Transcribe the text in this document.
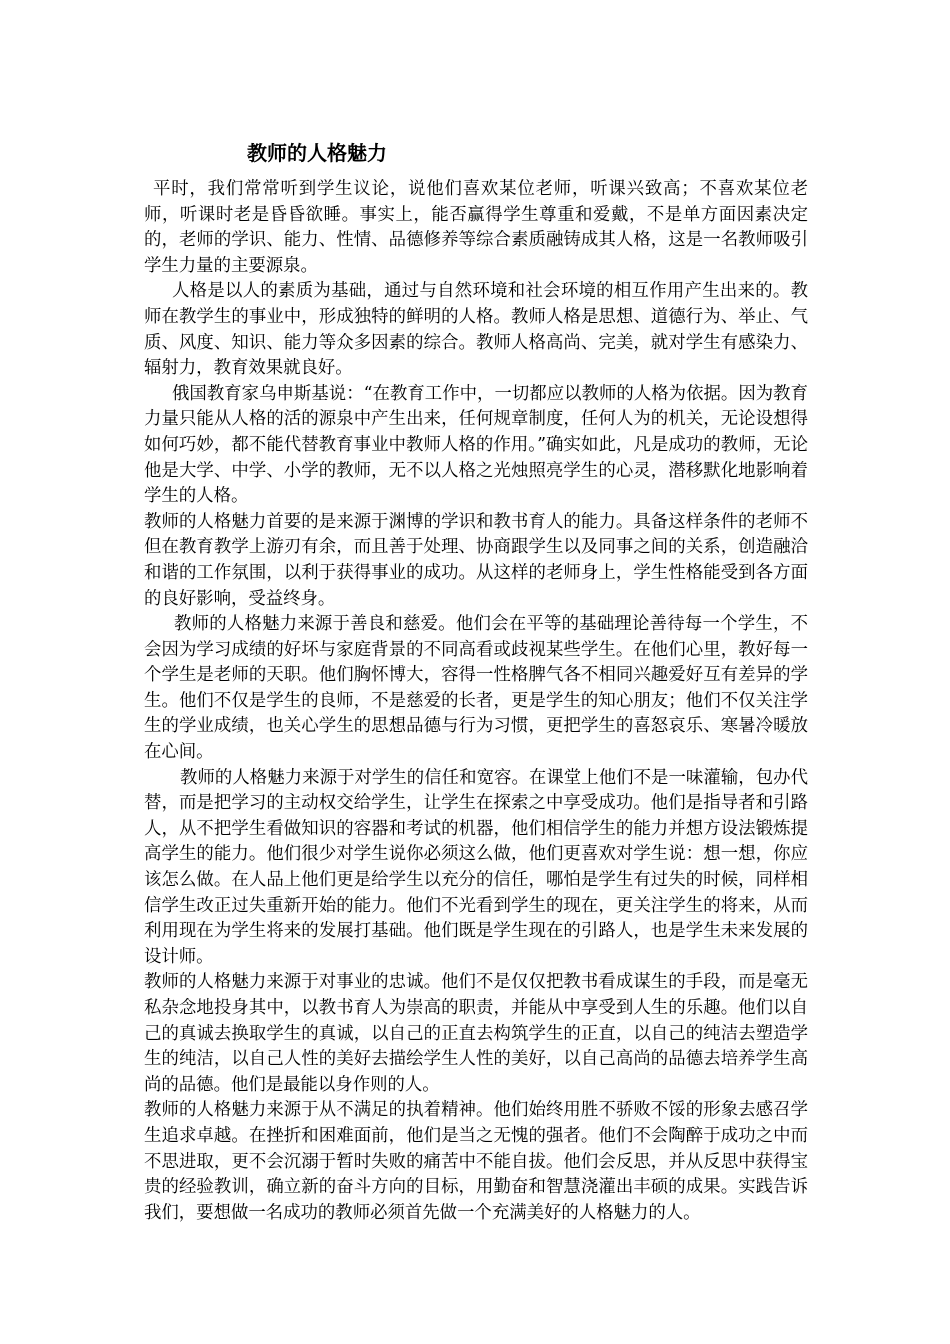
教师的人格魅力

平时，我们常常听到学生议论，说他们喜欢某位老师，听课兴致高；不喜欢某位老师，听课时老是昏昏欲睡。事实上，能否赢得学生尊重和爱戴，不是单方面因素决定的，老师的学识、能力、性情、品德修养等综合素质融铸成其人格，这是一名教师吸引学生力量的主要源泉。

人格是以人的素质为基础，通过与自然环境和社会环境的相互作用产生出来的。教师在教学生的事业中，形成独特的鲜明的人格。教师人格是思想、道德行为、举止、气质、风度、知识、能力等众多因素的综合。教师人格高尚、完美，就对学生有感染力、辐射力，教育效果就良好。

俄国教育家乌申斯基说：“在教育工作中，一切都应以教师的人格为依据。因为教育力量只能从人格的活的源泉中产生出来，任何规章制度，任何人为的机关，无论设想得如何巧妙，都不能代替教育事业中教师人格的作用。”确实如此，凡是成功的教师，无论他是大学、中学、小学的教师，无不以人格之光烛照亮学生的心灵，潜移默化地影响着学生的人格。

教师的人格魅力首要的是来源于渊博的学识和教书育人的能力。具备这样条件的老师不但在教育教学上游刃有余，而且善于处理、协商跟学生以及同事之间的关系，创造融洽和谐的工作氛围，以利于获得事业的成功。从这样的老师身上，学生性格能受到各方面的良好影响，受益终身。

教师的人格魅力来源于善良和慈爱。他们会在平等的基础理论善待每一个学生，不会因为学习成绩的好坏与家庭背景的不同高看或歧视某些学生。在他们心里，教好每一个学生是老师的天职。他们胸怀博大，容得一性格脾气各不相同兴趣爱好互有差异的学生。他们不仅是学生的良师，不是慈爱的长者，更是学生的知心朋友；他们不仅关注学生的学业成绩，也关心学生的思想品德与行为习惯，更把学生的喜怒哀乐、寒暑冷暖放在心间。

教师的人格魅力来源于对学生的信任和宽容。在课堂上他们不是一味灌输，包办代替，而是把学习的主动权交给学生，让学生在探索之中享受成功。他们是指导者和引路人，从不把学生看做知识的容器和考试的机器，他们相信学生的能力并想方设法锻炼提高学生的能力。他们很少对学生说你必须这么做，他们更喜欢对学生说：想一想，你应该怎么做。在人品上他们更是给学生以充分的信任，哪怕是学生有过失的时候，同样相信学生改正过失重新开始的能力。他们不光看到学生的现在，更关注学生的将来，从而利用现在为学生将来的发展打基础。他们既是学生现在的引路人，也是学生未来发展的设计师。

教师的人格魅力来源于对事业的忠诚。他们不是仅仅把教书看成谋生的手段，而是毫无私杂念地投身其中，以教书育人为崇高的职责，并能从中享受到人生的乐趣。他们以自己的真诚去换取学生的真诚，以自己的正直去构筑学生的正直，以自己的纯洁去塑造学生的纯洁，以自己人性的美好去描绘学生人性的美好，以自己高尚的品德去培养学生高尚的品德。他们是最能以身作则的人。

教师的人格魅力来源于从不满足的执着精神。他们始终用胜不骄败不馁的形象去感召学生追求卓越。在挫折和困难面前，他们是当之无愧的强者。他们不会陶醉于成功之中而不思进取，更不会沉溺于暂时失败的痛苦中不能自拔。他们会反思，并从反思中获得宝贵的经验教训，确立新的奋斗方向的目标，用勤奋和智慧浇灌出丰硕的成果。实践告诉我们，要想做一名成功的教师必须首先做一个充满美好的人格魅力的人。
